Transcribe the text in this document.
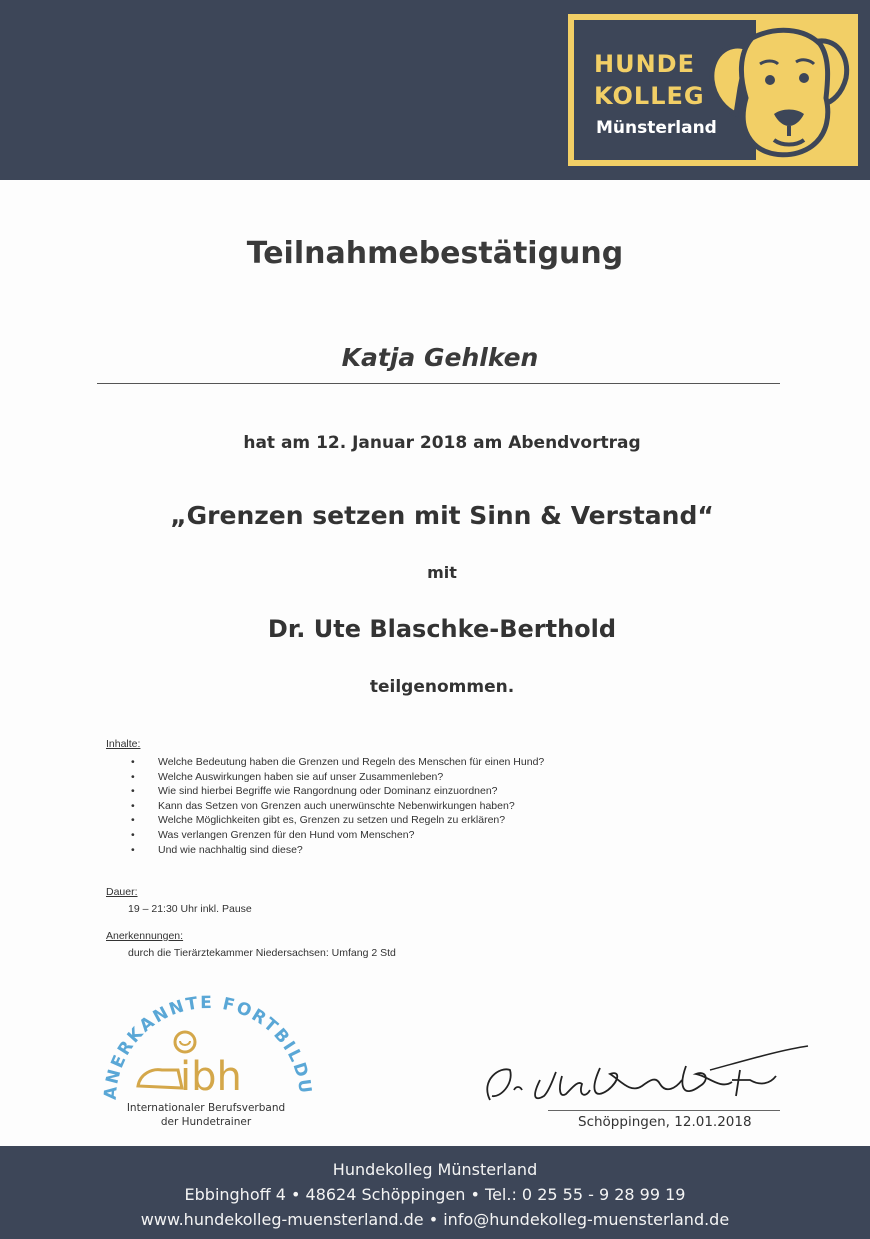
HUNDE
KOLLEG
Münsterland
Teilnahmebestätigung
Katja Gehlken
hat am 12. Januar 2018 am Abendvortrag
„Grenzen setzen mit Sinn & Verstand“
mit
Dr. Ute Blaschke-Berthold
teilgenommen.
Inhalte:
• Welche Bedeutung haben die Grenzen und Regeln des Menschen für einen Hund?
• Welche Auswirkungen haben sie auf unser Zusammenleben?
• Wie sind hierbei Begriffe wie Rangordnung oder Dominanz einzuordnen?
• Kann das Setzen von Grenzen auch unerwünschte Nebenwirkungen haben?
• Welche Möglichkeiten gibt es, Grenzen zu setzen und Regeln zu erklären?
• Was verlangen Grenzen für den Hund vom Menschen?
• Und wie nachhaltig sind diese?
Dauer:
19 – 21:30 Uhr inkl. Pause
Anerkennungen:
durch die Tierärztekammer Niedersachsen: Umfang 2 Std
ANERKANNTE FORTBILD
ibh
Internationaler Berufsverband
der Hundetrainer	Schöppingen, 12.01.2018
Hundekolleg Münsterland
Ebbinghoff 4 • 48624 Schöppingen • Tel.: 0 25 55 - 9 28 99 19
www.hundekolleg-muensterland.de • info@hundekolleg-muensterland.de
